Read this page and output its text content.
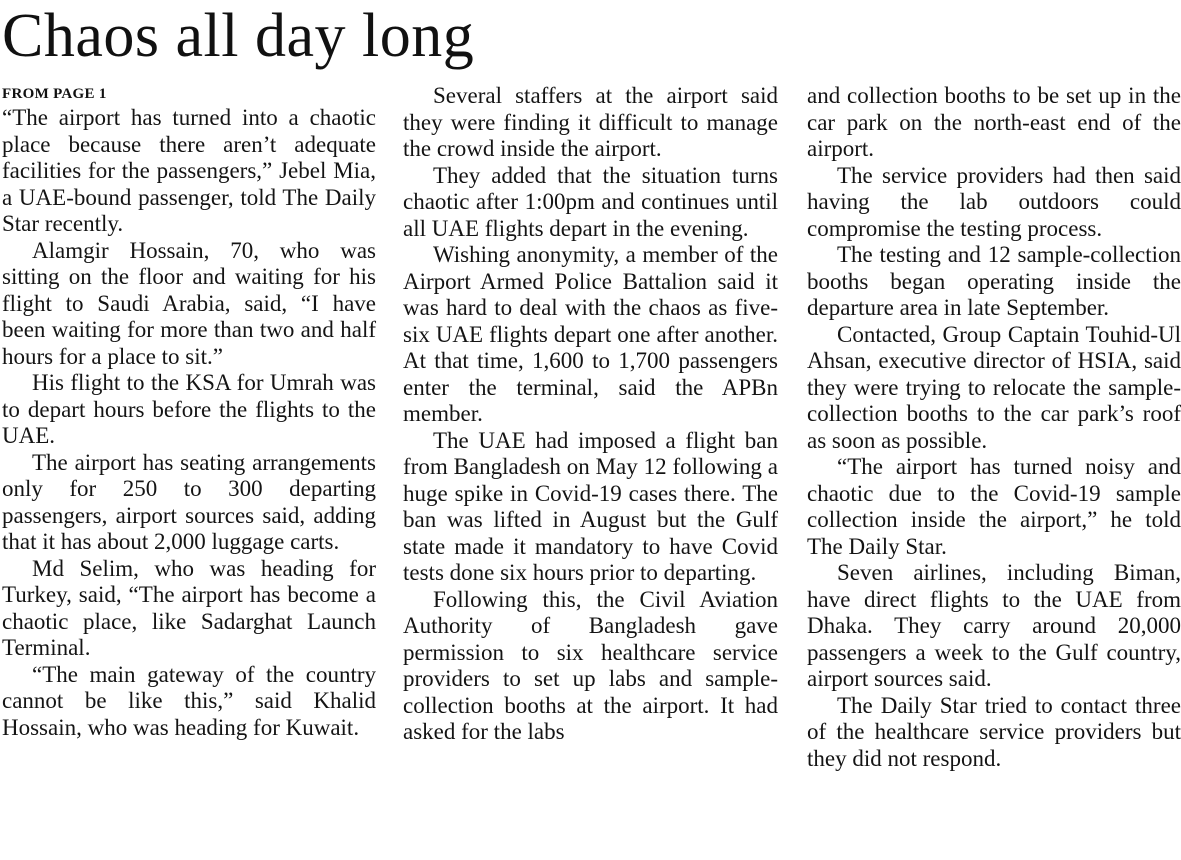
Chaos all day long
FROM PAGE 1

“The airport has turned into a chaotic place because there aren’t adequate facilities for the passengers,” Jebel Mia, a UAE-bound passenger, told The Daily Star recently.

Alamgir Hossain, 70, who was sitting on the floor and waiting for his flight to Saudi Arabia, said, “I have been waiting for more than two and half hours for a place to sit.”

His flight to the KSA for Umrah was to depart hours before the flights to the UAE.

The airport has seating arrangements only for 250 to 300 departing passengers, airport sources said, adding that it has about 2,000 luggage carts.

Md Selim, who was heading for Turkey, said, “The airport has become a chaotic place, like Sadarghat Launch Terminal.

“The main gateway of the country cannot be like this,” said Khalid Hossain, who was heading for Kuwait.

Several staffers at the airport said they were finding it difficult to manage the crowd inside the airport.

They added that the situation turns chaotic after 1:00pm and continues until all UAE flights depart in the evening.

Wishing anonymity, a member of the Airport Armed Police Battalion said it was hard to deal with the chaos as five-six UAE flights depart one after another. At that time, 1,600 to 1,700 passengers enter the terminal, said the APBn member.

The UAE had imposed a flight ban from Bangladesh on May 12 following a huge spike in Covid-19 cases there. The ban was lifted in August but the Gulf state made it mandatory to have Covid tests done six hours prior to departing.

Following this, the Civil Aviation Authority of Bangladesh gave permission to six healthcare service providers to set up labs and sample-collection booths at the airport. It had asked for the labs

and collection booths to be set up in the car park on the north-east end of the airport.

The service providers had then said having the lab outdoors could compromise the testing process.

The testing and 12 sample-collection booths began operating inside the departure area in late September.

Contacted, Group Captain Touhid-Ul Ahsan, executive director of HSIA, said they were trying to relocate the sample-collection booths to the car park’s roof as soon as possible.

“The airport has turned noisy and chaotic due to the Covid-19 sample collection inside the airport,” he told The Daily Star.

Seven airlines, including Biman, have direct flights to the UAE from Dhaka. They carry around 20,000 passengers a week to the Gulf country, airport sources said.

The Daily Star tried to contact three of the healthcare service providers but they did not respond.
